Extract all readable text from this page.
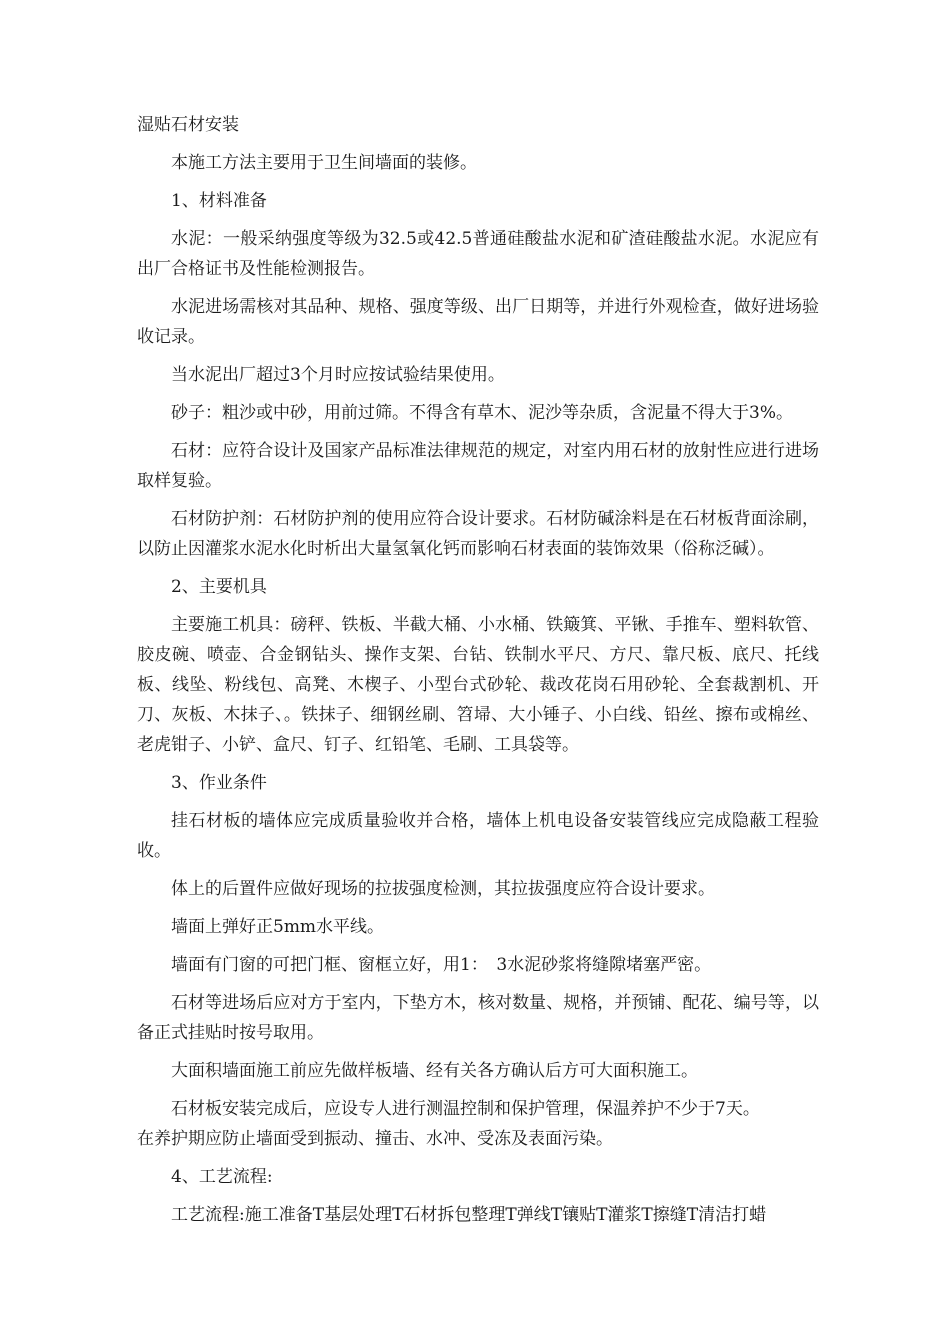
湿贴石材安装

本施工方法主要用于卫生间墙面的装修。

1、材料准备

水泥：一般采纳强度等级为32.5或42.5普通硅酸盐水泥和矿渣硅酸盐水泥。水泥应有出厂合格证书及性能检测报告。

水泥进场需核对其品种、规格、强度等级、出厂日期等，并进行外观检查，做好进场验收记录。

当水泥出厂超过3个月时应按试验结果使用。

砂子：粗沙或中砂，用前过筛。不得含有草木、泥沙等杂质，含泥量不得大于3%。

石材：应符合设计及国家产品标准法律规范的规定，对室内用石材的放射性应进行进场取样复验。

石材防护剂：石材防护剂的使用应符合设计要求。石材防碱涂料是在石材板背面涂刷，以防止因灌浆水泥水化时析出大量氢氧化钙而影响石材表面的装饰效果（俗称泛碱）。

2、主要机具

主要施工机具：磅秤、铁板、半截大桶、小水桶、铁簸箕、平锹、手推车、塑料软管、胶皮碗、喷壶、合金钢钻头、操作支架、台钻、铁制水平尺、方尺、靠尺板、底尺、托线板、线坠、粉线包、高凳、木楔子、小型台式砂轮、裁改花岗石用砂轮、全套裁割机、开刀、灰板、木抹子、。铁抹子、细钢丝刷、笤埽、大小锤子、小白线、铅丝、擦布或棉丝、老虎钳子、小铲、盒尺、钉子、红铅笔、毛刷、工具袋等。

3、作业条件

挂石材板的墙体应完成质量验收并合格，墙体上机电设备安装管线应完成隐蔽工程验收。

体上的后置件应做好现场的拉拔强度检测，其拉拔强度应符合设计要求。

墙面上弹好正5mm水平线。

墙面有门窗的可把门框、窗框立好，用1：　3水泥砂浆将缝隙堵塞严密。

石材等进场后应对方于室内，下垫方木，核对数量、规格，并预铺、配花、编号等，以备正式挂贴时按号取用。

大面积墙面施工前应先做样板墙、经有关各方确认后方可大面积施工。

石材板安装完成后，应设专人进行测温控制和保护管理，保温养护不少于7天。

在养护期应防止墙面受到振动、撞击、水冲、受冻及表面污染。

4、工艺流程:

工艺流程:施工准备T基层处理T石材拆包整理T弹线T镶贴T灌浆T擦缝T清洁打蜡
